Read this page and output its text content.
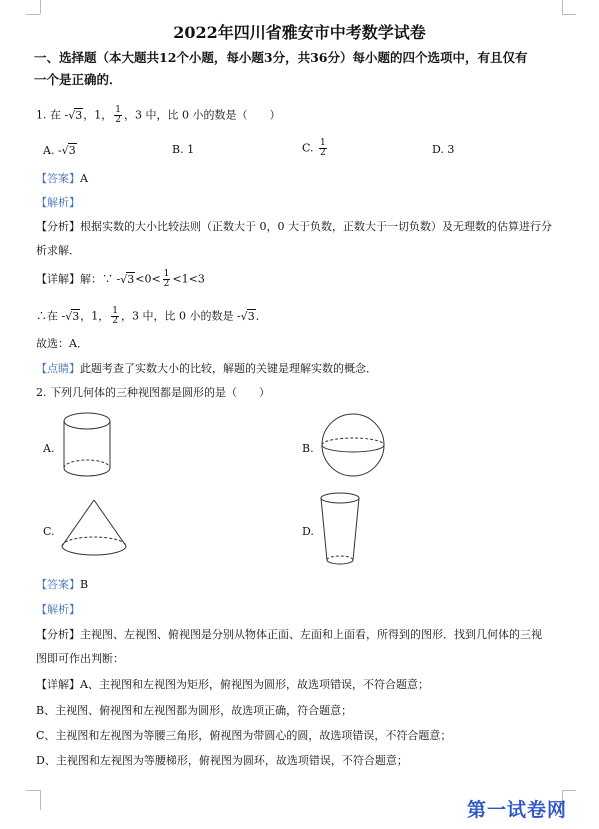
2022年四川省雅安市中考数学试卷
一、选择题（本大题共12个小题，每小题3分，共36分）每小题的四个选项中，有且仅有
一个是正确的．
1. 在 -√3，1， $\frac{1}{2}$ ，3 中，比 0 小的数是（　　）
A. -√3	B. 1	C. $\frac{1}{2}$	D. 3
【答案】A
【解析】
【分析】根据实数的大小比较法则（正数大于 0，0 大于负数，正数大于一切负数）及无理数的估算进行分
析求解．
【详解】解：∵ $-√3<0< \frac{1}{2} <1<3$
∴在 -√3，1， $\frac{1}{2}$ ，3 中，比 0 小的数是 -√3．
故选：A．
【点睛】此题考查了实数大小的比较，解题的关键是理解实数的概念．
2. 下列几何体的三种视图都是圆形的是（　　）
A.	B.
C.	D.
【答案】B
【解析】
【分析】主视图、左视图、俯视图是分别从物体正面、左面和上面看，所得到的图形．找到几何体的三视
图即可作出判断：
【详解】A、主视图和左视图为矩形，俯视图为圆形，故选项错误，不符合题意；
B、主视图、俯视图和左视图都为圆形，故选项正确，符合题意；
C、主视图和左视图为等腰三角形，俯视图为带圆心的圆，故选项错误，不符合题意；
D、主视图和左视图为等腰梯形，俯视图为圆环，故选项错误，不符合题意；
第一试卷网
